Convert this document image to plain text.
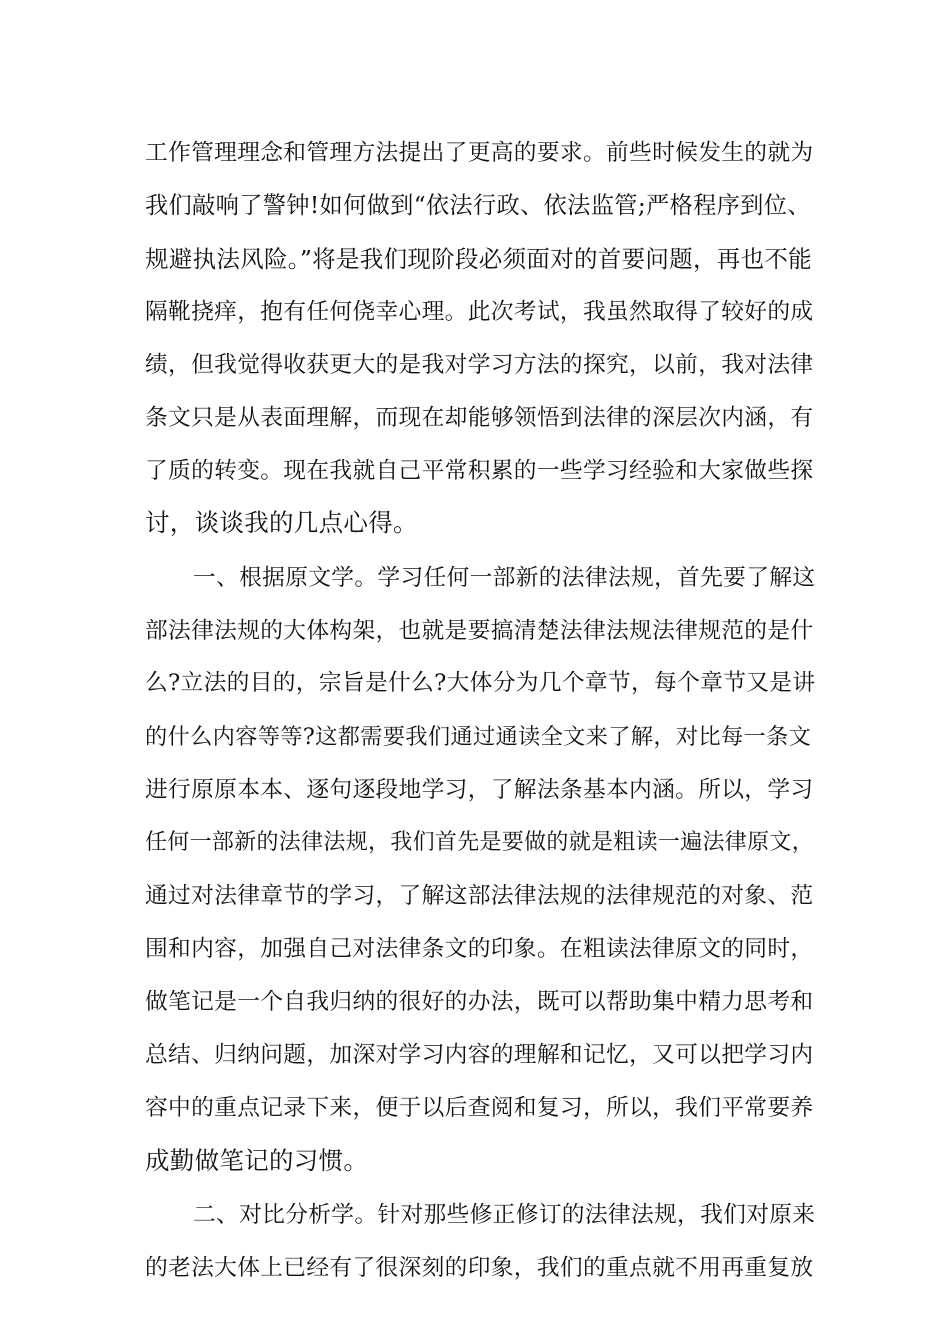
工作管理理念和管理方法提出了更高的要求。前些时候发生的就为
我们敲响了警钟!如何做到“依法行政、依法监管;严格程序到位、
规避执法风险。”将是我们现阶段必须面对的首要问题，再也不能
隔靴挠痒，抱有任何侥幸心理。此次考试，我虽然取得了较好的成
绩，但我觉得收获更大的是我对学习方法的探究，以前，我对法律
条文只是从表面理解，而现在却能够领悟到法律的深层次内涵，有
了质的转变。现在我就自己平常积累的一些学习经验和大家做些探
讨，谈谈我的几点心得。
一、根据原文学。学习任何一部新的法律法规，首先要了解这
部法律法规的大体构架，也就是要搞清楚法律法规法律规范的是什
么?立法的目的，宗旨是什么?大体分为几个章节，每个章节又是讲
的什么内容等等?这都需要我们通过通读全文来了解，对比每一条文
进行原原本本、逐句逐段地学习，了解法条基本内涵。所以，学习
任何一部新的法律法规，我们首先是要做的就是粗读一遍法律原文，
通过对法律章节的学习，了解这部法律法规的法律规范的对象、范
围和内容，加强自己对法律条文的印象。在粗读法律原文的同时，
做笔记是一个自我归纳的很好的办法，既可以帮助集中精力思考和
总结、归纳问题，加深对学习内容的理解和记忆，又可以把学习内
容中的重点记录下来，便于以后查阅和复习，所以，我们平常要养
成勤做笔记的习惯。
二、对比分析学。针对那些修正修订的法律法规，我们对原来
的老法大体上已经有了很深刻的印象，我们的重点就不用再重复放
